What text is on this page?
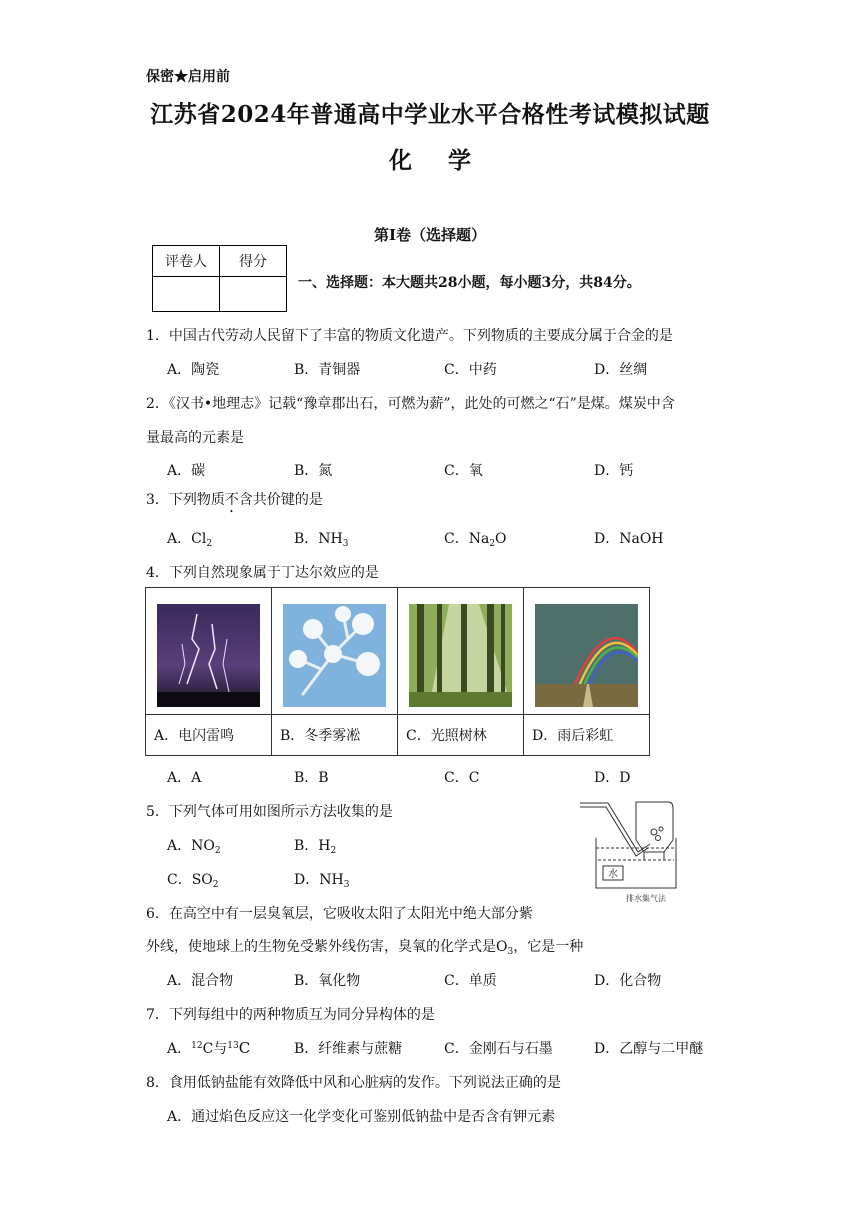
保密★启用前
江苏省2024年普通高中学业水平合格性考试模拟试题
化 学
第Ⅰ卷（选择题）
评卷人	得分

一、选择题：本大题共28小题，每小题3分，共84分。
1．中国古代劳动人民留下了丰富的物质文化遗产。下列物质的主要成分属于合金的是
A．陶瓷	B．青铜器	C．中药	D．丝绸
2．《汉书•地理志》记载“豫章郡出石，可燃为薪”，此处的可燃之“石”是煤。煤炭中含
量最高的元素是
A．碳	B．氮	C．氧	D．钙
3．下列物质不含共价键的是
A．$Cl_2$	B．$NH_3$	C．$Na_2O$	D．NaOH
4．下列自然现象属于丁达尔效应的是

A．电闪雷鸣	B．冬季雾凇	C．光照树林	D．雨后彩虹
A．A	B．B	C．C	D．D
5．下列气体可用如图所示方法收集的是
A．$NO_2$	B．$H_2$
C．$SO_2$	D．$NH_3$
水
排水集气法
6．在高空中有一层臭氧层，它吸收太阳了太阳光中绝大部分紫
外线，使地球上的生物免受紫外线伤害，臭氧的化学式是$O_3$，它是一种
A．混合物	B．氧化物	C．单质	D．化合物
7．下列每组中的两种物质互为同分异构体的是
A．$^{12}$C与$^{13}$C	B．纤维素与蔗糖	C．金刚石与石墨	D．乙醇与二甲醚
8．食用低钠盐能有效降低中风和心脏病的发作。下列说法正确的是
A．通过焰色反应这一化学变化可鉴别低钠盐中是否含有钾元素
